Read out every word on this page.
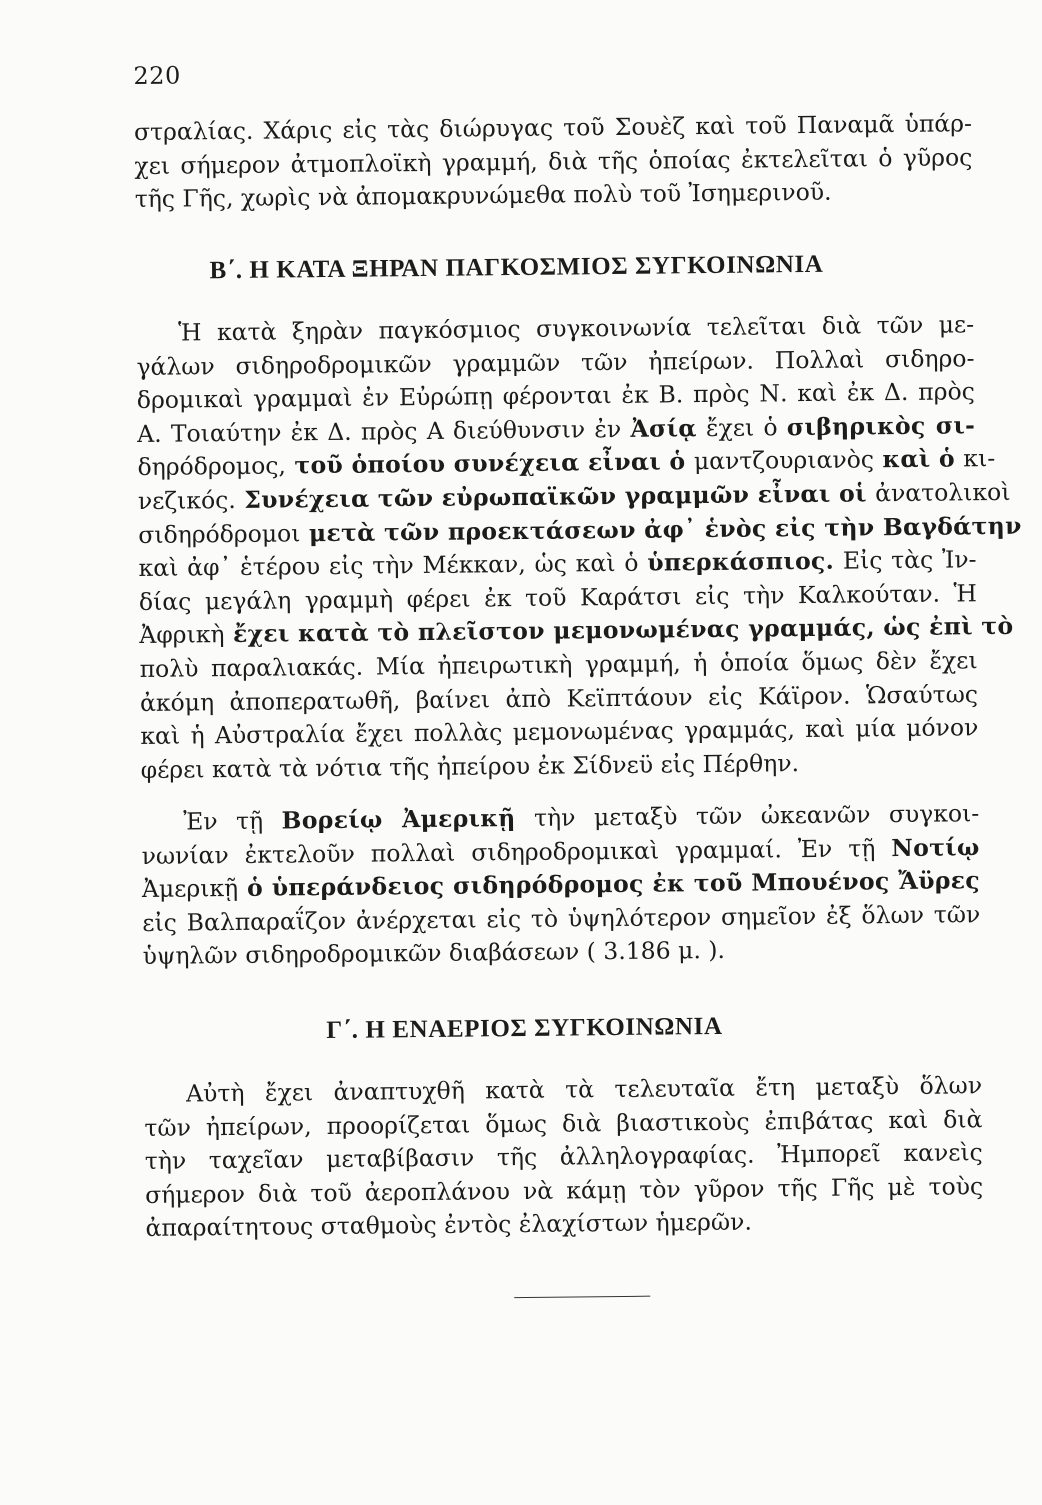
220
στραλίας. Χάρις εἰς τὰς διώρυγας τοῦ Σουὲζ καὶ τοῦ Παναμᾶ ὑπάρ-
χει σήμερον ἀτμοπλοϊκὴ γραμμή, διὰ τῆς ὁποίας ἐκτελεῖται ὁ γῦρος
τῆς Γῆς, χωρὶς νὰ ἀπομακρυνώμεθα πολὺ τοῦ Ἰσημερινοῦ.
Β΄. Η ΚΑΤΑ ΞΗΡΑΝ ΠΑΓΚΟΣΜΙΟΣ ΣΥΓΚΟΙΝΩΝΙΑ
Ἡ κατὰ ξηρὰν παγκόσμιος συγκοινωνία τελεῖται διὰ τῶν με-
γάλων σιδηροδρομικῶν γραμμῶν τῶν ἠπείρων. Πολλαὶ σιδηρο-
δρομικαὶ γραμμαὶ ἐν Εὐρώπῃ φέρονται ἐκ Β. πρὸς Ν. καὶ ἐκ Δ. πρὸς
Α. Τοιαύτην ἐκ Δ. πρὸς Α διεύθυνσιν ἐν Ἀσίᾳ ἔχει ὁ σιβηρικὸς σι-
δηρόδρομος, τοῦ ὁποίου συνέχεια εἶναι ὁ μαντζουριανὸς καὶ ὁ κι-
νεζικός. Συνέχεια τῶν εὐρωπαϊκῶν γραμμῶν εἶναι οἱ ἀνατολικοὶ
σιδηρόδρομοι μετὰ τῶν προεκτάσεων ἀφ᾿ ἑνὸς εἰς τὴν Βαγδάτην
καὶ ἀφ᾿ ἑτέρου εἰς τὴν Μέκκαν, ὡς καὶ ὁ ὑπερκάσπιος. Εἰς τὰς Ἰν-
δίας μεγάλη γραμμὴ φέρει ἐκ τοῦ Καράτσι εἰς τὴν Καλκούταν. Ἡ
Ἀφρικὴ ἔχει κατὰ τὸ πλεῖστον μεμονωμένας γραμμάς, ὡς ἐπὶ τὸ
πολὺ παραλιακάς. Μία ἠπειρωτικὴ γραμμή, ἡ ὁποία ὅμως δὲν ἔχει
ἀκόμη ἀποπερατωθῆ, βαίνει ἀπὸ Κεϊπτάουν εἰς Κάϊρον. Ὡσαύτως
καὶ ἡ Αὐστραλία ἔχει πολλὰς μεμονωμένας γραμμάς, καὶ μία μόνον
φέρει κατὰ τὰ νότια τῆς ἠπείρου ἐκ Σίδνεϋ εἰς Πέρθην.
Ἐν τῇ Βορείῳ Ἀμερικῇ τὴν μεταξὺ τῶν ὠκεανῶν συγκοι-
νωνίαν ἐκτελοῦν πολλαὶ σιδηροδρομικαὶ γραμμαί. Ἐν τῇ Νοτίῳ
Ἀμερικῇ ὁ ὑπεράνδειος σιδηρόδρομος ἐκ τοῦ Μπουένος Ἄϋρες
εἰς Βαλπαραΐζον ἀνέρχεται εἰς τὸ ὑψηλότερον σημεῖον ἐξ ὅλων τῶν
ὑψηλῶν σιδηροδρομικῶν διαβάσεων ( 3.186 μ. ).
Γ΄. Η ΕΝΑΕΡΙΟΣ ΣΥΓΚΟΙΝΩΝΙΑ
Αὐτὴ ἔχει ἀναπτυχθῆ κατὰ τὰ τελευταῖα ἔτη μεταξὺ ὅλων
τῶν ἠπείρων, προορίζεται ὅμως διὰ βιαστικοὺς ἐπιβάτας καὶ διὰ
τὴν ταχεῖαν μεταβίβασιν τῆς ἀλληλογραφίας. Ἠμπορεῖ κανεὶς
σήμερον διὰ τοῦ ἀεροπλάνου νὰ κάμῃ τὸν γῦρον τῆς Γῆς μὲ τοὺς
ἀπαραίτητους σταθμοὺς ἐντὸς ἐλαχίστων ἡμερῶν.
